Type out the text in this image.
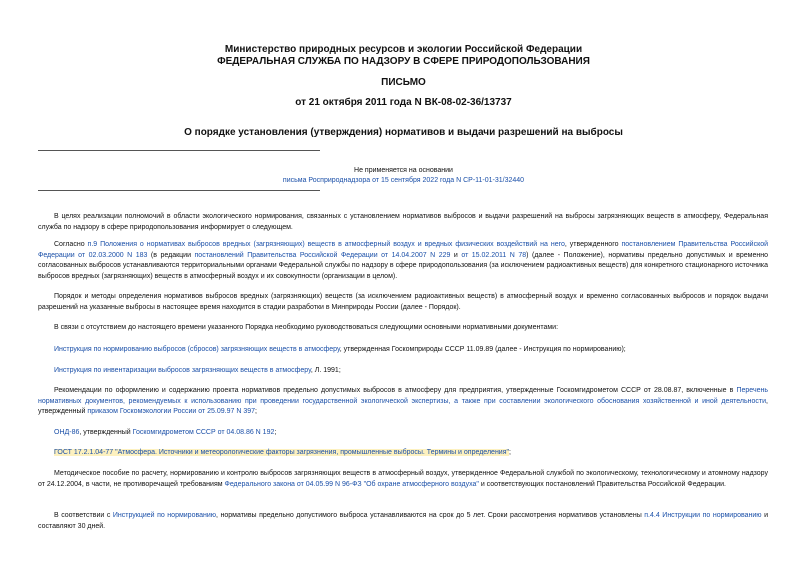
Министерство природных ресурсов и экологии Российской Федерации
ФЕДЕРАЛЬНАЯ СЛУЖБА ПО НАДЗОРУ В СФЕРЕ ПРИРОДОПОЛЬЗОВАНИЯ
ПИСЬМО
от 21 октября 2011 года N ВК-08-02-36/13737
О порядке установления (утверждения) нормативов и выдачи разрешений на выбросы
Не применяется на основании
письма Росприроднадзора от 15 сентября 2022 года N СР-11-01-31/32440
В целях реализации полномочий в области экологического нормирования, связанных с установлением нормативов выбросов и выдачи разрешений на выбросы загрязняющих веществ в атмосферу, Федеральная служба по надзору в сфере природопользования информирует о следующем.
Согласно п.9 Положения о нормативах выбросов вредных (загрязняющих) веществ в атмосферный воздух и вредных физических воздействий на него, утвержденного постановлением Правительства Российской Федерации от 02.03.2000 N 183 (в редакции постановлений Правительства Российской Федерации от 14.04.2007 N 229 и от 15.02.2011 N 78) (далее - Положение), нормативы предельно допустимых и временно согласованных выбросов устанавливаются территориальными органами Федеральной службы по надзору в сфере природопользования (за исключением радиоактивных веществ) для конкретного стационарного источника выбросов вредных (загрязняющих) веществ в атмосферный воздух и их совокупности (организации в целом).
Порядок и методы определения нормативов выбросов вредных (загрязняющих) веществ (за исключением радиоактивных веществ) в атмосферный воздух и временно согласованных выбросов и порядок выдачи разрешений на указанные выбросы в настоящее время находится в стадии разработки в Минприроды России (далее - Порядок).
В связи с отсутствием до настоящего времени указанного Порядка необходимо руководствоваться следующими основными нормативными документами:
Инструкция по нормированию выбросов (сбросов) загрязняющих веществ в атмосферу, утвержденная Госкомприроды СССР 11.09.89 (далее - Инструкция по нормированию);
Инструкция по инвентаризации выбросов загрязняющих веществ в атмосферу, Л. 1991;
Рекомендации по оформлению и содержанию проекта нормативов предельно допустимых выбросов в атмосферу для предприятия, утвержденные Госкомгидрометом СССР от 28.08.87, включенные в Перечень нормативных документов, рекомендуемых к использованию при проведении государственной экологической экспертизы, а также при составлении экологического обоснования хозяйственной и иной деятельности, утвержденный приказом Госкомэкологии России от 25.09.97 N 397;
ОНД-86, утвержденный Госкомгидрометом СССР от 04.08.86 N 192;
ГОСТ 17.2.1.04-77 "Атмосфера. Источники и метеорологические факторы загрязнения, промышленные выбросы. Термины и определения";
Методическое пособие по расчету, нормированию и контролю выбросов загрязняющих веществ в атмосферный воздух, утвержденное Федеральной службой по экологическому, технологическому и атомному надзору от 24.12.2004, в части, не противоречащей требованиям Федерального закона от 04.05.99 N 96-ФЗ "Об охране атмосферного воздуха" и соответствующих постановлений Правительства Российской Федерации.
В соответствии с Инструкцией по нормированию, нормативы предельно допустимого выброса устанавливаются на срок до 5 лет. Сроки рассмотрения нормативов установлены п.4.4 Инструкции по нормированию и составляют 30 дней.
